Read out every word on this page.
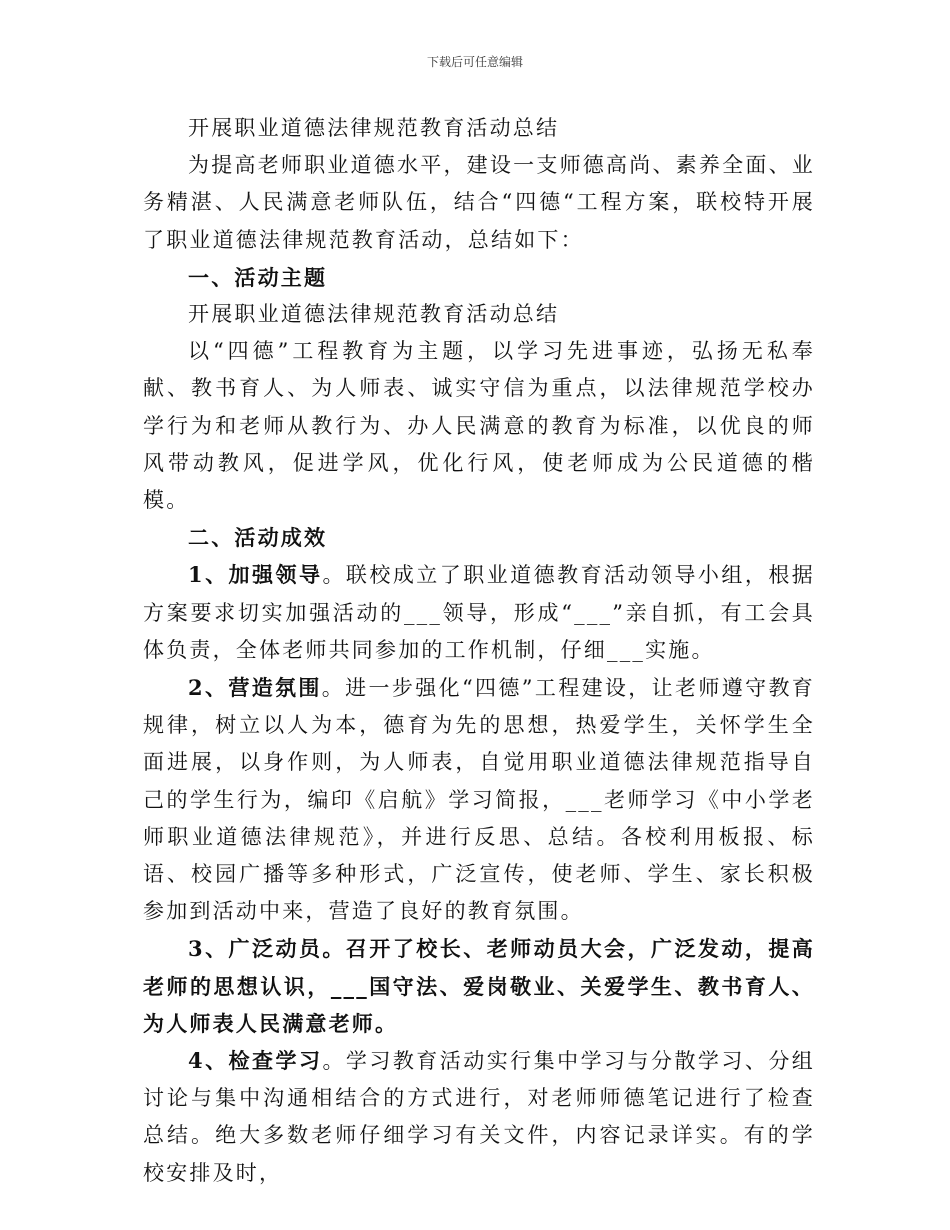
下载后可任意编辑

开展职业道德法律规范教育活动总结

为提高老师职业道德水平，建设一支师德高尚、素养全面、业务精湛、人民满意老师队伍，结合“四德“工程方案，联校特开展了职业道德法律规范教育活动，总结如下：

一、活动主题

开展职业道德法律规范教育活动总结

以“四德”工程教育为主题，以学习先进事迹，弘扬无私奉献、教书育人、为人师表、诚实守信为重点，以法律规范学校办学行为和老师从教行为、办人民满意的教育为标准，以优良的师风带动教风，促进学风，优化行风，使老师成为公民道德的楷模。

二、活动成效

1、加强领导。联校成立了职业道德教育活动领导小组，根据方案要求切实加强活动的___领导，形成“___”亲自抓，有工会具体负责，全体老师共同参加的工作机制，仔细___实施。

2、营造氛围。进一步强化“四德”工程建设，让老师遵守教育规律，树立以人为本，德育为先的思想，热爱学生，关怀学生全面进展，以身作则，为人师表，自觉用职业道德法律规范指导自己的学生行为，编印《启航》学习简报，___老师学习《中小学老师职业道德法律规范》，并进行反思、总结。各校利用板报、标语、校园广播等多种形式，广泛宣传，使老师、学生、家长积极参加到活动中来，营造了良好的教育氛围。

3、广泛动员。召开了校长、老师动员大会，广泛发动，提高老师的思想认识，___国守法、爱岗敬业、关爱学生、教书育人、为人师表人民满意老师。

4、检查学习。学习教育活动实行集中学习与分散学习、分组讨论与集中沟通相结合的方式进行，对老师师德笔记进行了检查总结。绝大多数老师仔细学习有关文件，内容记录详实。有的学校安排及时，
